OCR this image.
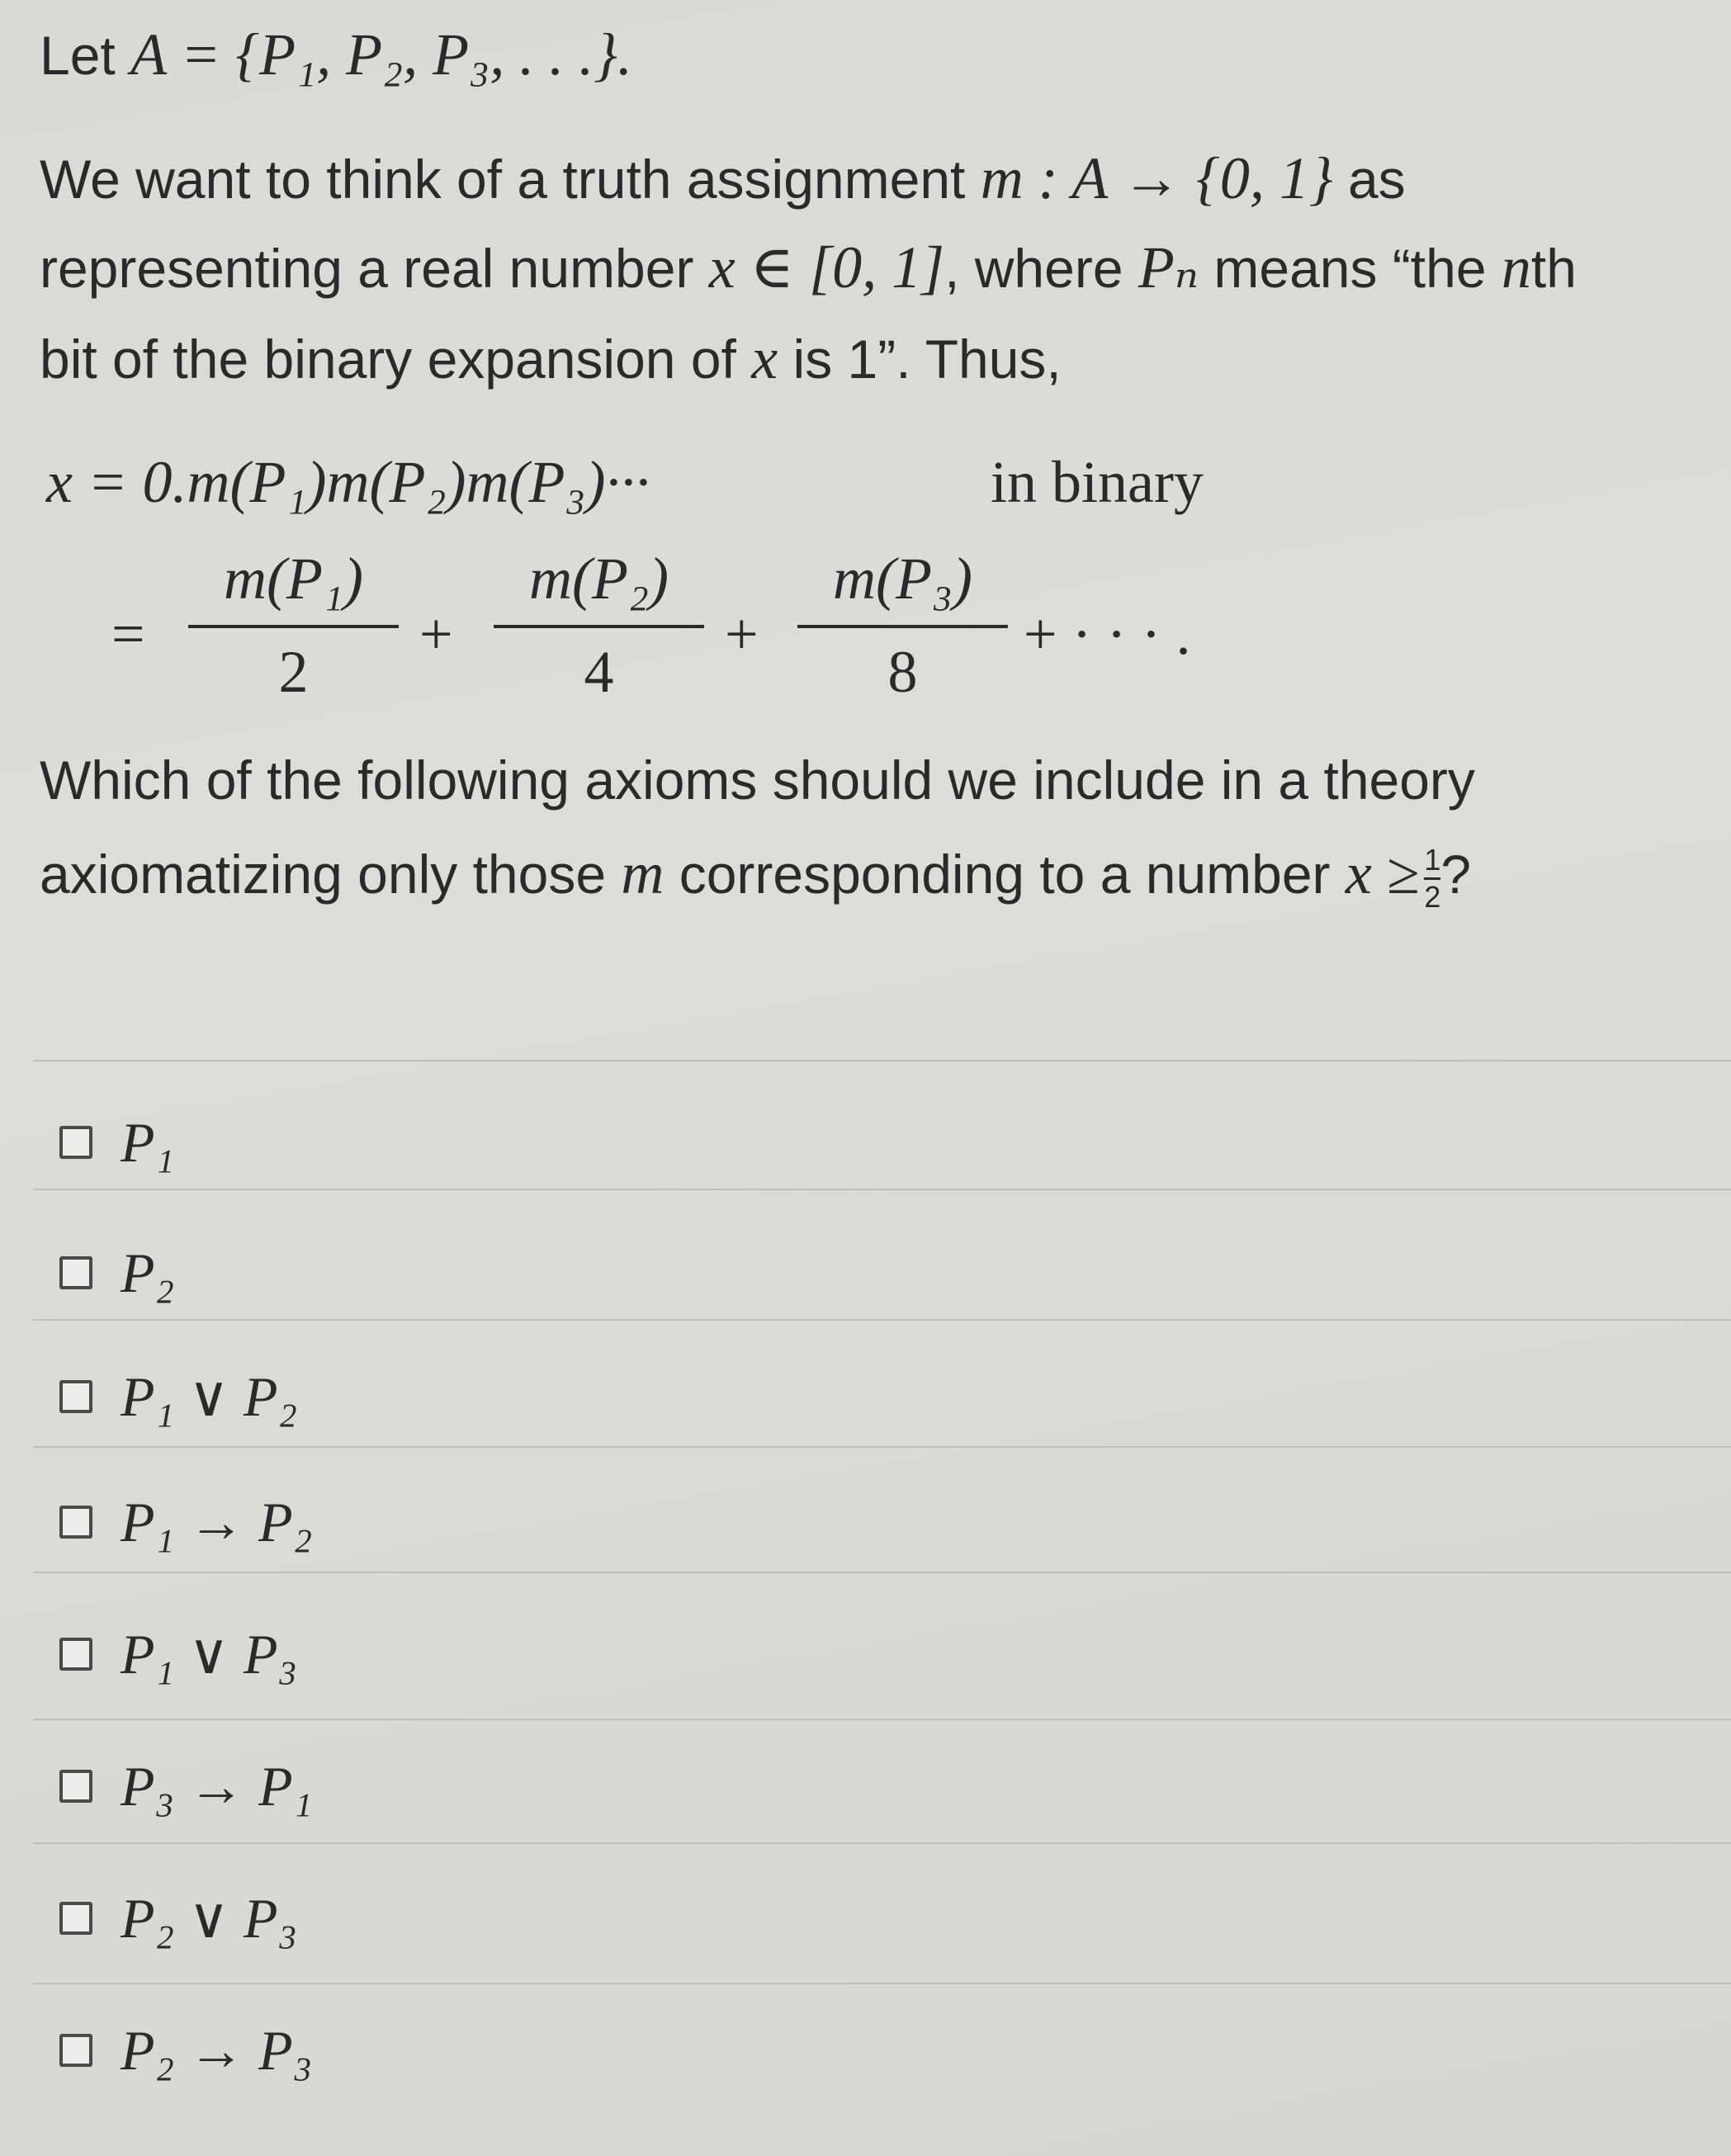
Let A = {P₁, P₂, P₃, . . .}.
We want to think of a truth assignment m : A → {0, 1} as
representing a real number x ∈ [0, 1], where Pₙ means “the nth
bit of the binary expansion of x is 1”. Thus,
x = 0.m(P₁)m(P₂)m(P₃)···	in binary
=
m(P₁)
2
+
m(P₂)
4
+
m(P₃)
8
+ · · · .
Which of the following axioms should we include in a theory
axiomatizing only those m corresponding to a number $x \ge \frac{1}{2}$ ?
P₁
P₂
P₁ ∨ P₂
P₁ → P₂
P₁ ∨ P₃
P₃ → P₁
P₂ ∨ P₃
P₂ → P₃
